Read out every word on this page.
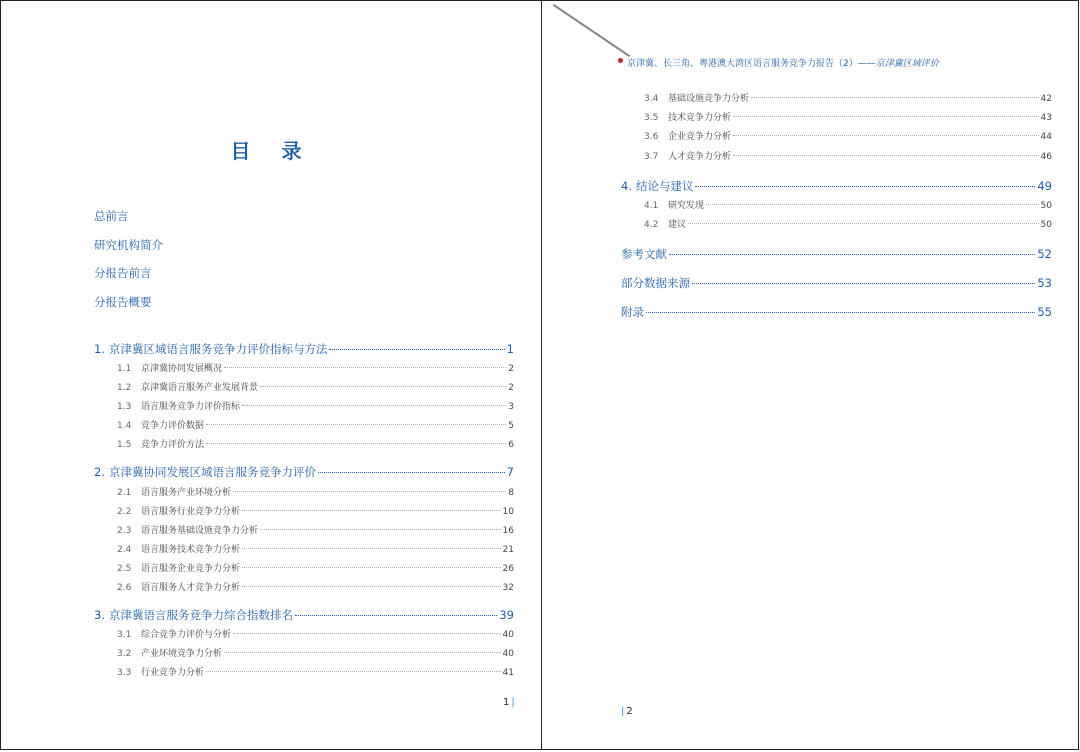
目 录
总前言
研究机构简介
分报告前言
分报告概要
1. 京津冀区域语言服务竞争力评价指标与方法	1
1.1	京津冀协同发展概况	2
1.2	京津冀语言服务产业发展背景	2
1.3	语言服务竞争力评价指标	3
1.4	竞争力评价数据	5
1.5	竞争力评价方法	6
2. 京津冀协同发展区域语言服务竞争力评价	7
2.1	语言服务产业环境分析	8
2.2	语言服务行业竞争力分析	10
2.3	语言服务基础设施竞争力分析	16
2.4	语言服务技术竞争力分析	21
2.5	语言服务企业竞争力分析	26
2.6	语言服务人才竞争力分析	32
3. 京津冀语言服务竞争力综合指数排名	39
3.1	综合竞争力评价与分析	40
3.2	产业环境竞争力分析	40
3.3	行业竞争力分析	41
1 |
京津冀、长三角、粤港澳大湾区语言服务竞争力报告（2）——京津冀区域评价
3.4	基础设施竞争力分析	42
3.5	技术竞争力分析	43
3.6	企业竞争力分析	44
3.7	人才竞争力分析	46
4. 结论与建议	49
4.1	研究发现	50
4.2	建议	50
参考文献	52
部分数据来源	53
附录	55
| 2
